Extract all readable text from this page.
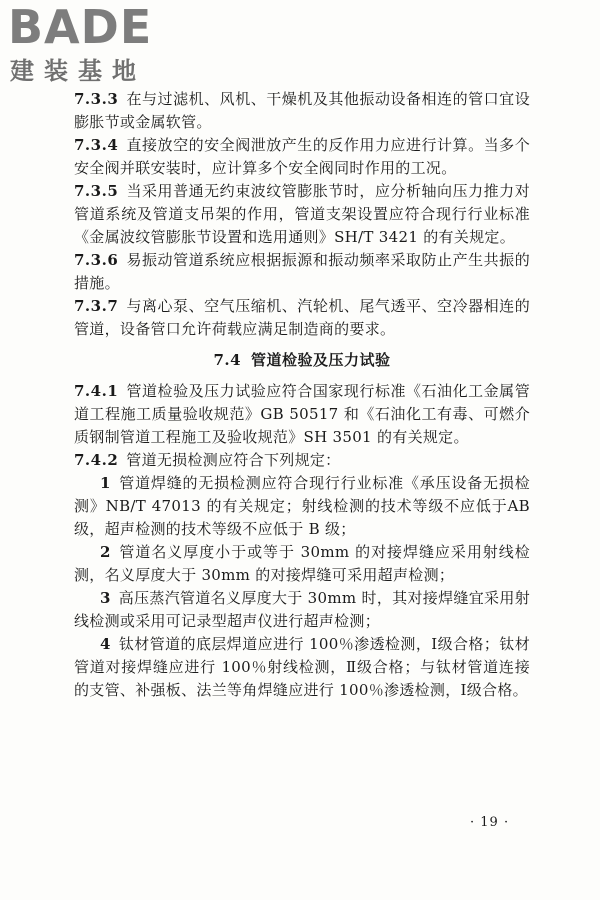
BADE
建装基地

7.3.3 在与过滤机、风机、干燥机及其他振动设备相连的管口宜设膨胀节或金属软管。

7.3.4 直接放空的安全阀泄放产生的反作用力应进行计算。当多个安全阀并联安装时，应计算多个安全阀同时作用的工况。

7.3.5 当采用普通无约束波纹管膨胀节时，应分析轴向压力推力对管道系统及管道支吊架的作用，管道支架设置应符合现行行业标准《金属波纹管膨胀节设置和选用通则》SH/T 3421 的有关规定。

7.3.6 易振动管道系统应根据振源和振动频率采取防止产生共振的措施。

7.3.7 与离心泵、空气压缩机、汽轮机、尾气透平、空冷器相连的管道，设备管口允许荷载应满足制造商的要求。

7.4 管道检验及压力试验

7.4.1 管道检验及压力试验应符合国家现行标准《石油化工金属管道工程施工质量验收规范》GB 50517 和《石油化工有毒、可燃介质钢制管道工程施工及验收规范》SH 3501 的有关规定。

7.4.2 管道无损检测应符合下列规定：

1 管道焊缝的无损检测应符合现行行业标准《承压设备无损检测》NB/T 47013 的有关规定；射线检测的技术等级不应低于AB 级，超声检测的技术等级不应低于 B 级；

2 管道名义厚度小于或等于 30mm 的对接焊缝应采用射线检测，名义厚度大于 30mm 的对接焊缝可采用超声检测；

3 高压蒸汽管道名义厚度大于 30mm 时，其对接焊缝宜采用射线检测或采用可记录型超声仪进行超声检测；

4 钛材管道的底层焊道应进行 100％渗透检测，Ⅰ级合格；钛材管道对接焊缝应进行 100％射线检测，Ⅱ级合格；与钛材管道连接的支管、补强板、法兰等角焊缝应进行 100％渗透检测，Ⅰ级合格。

· 19 ·
